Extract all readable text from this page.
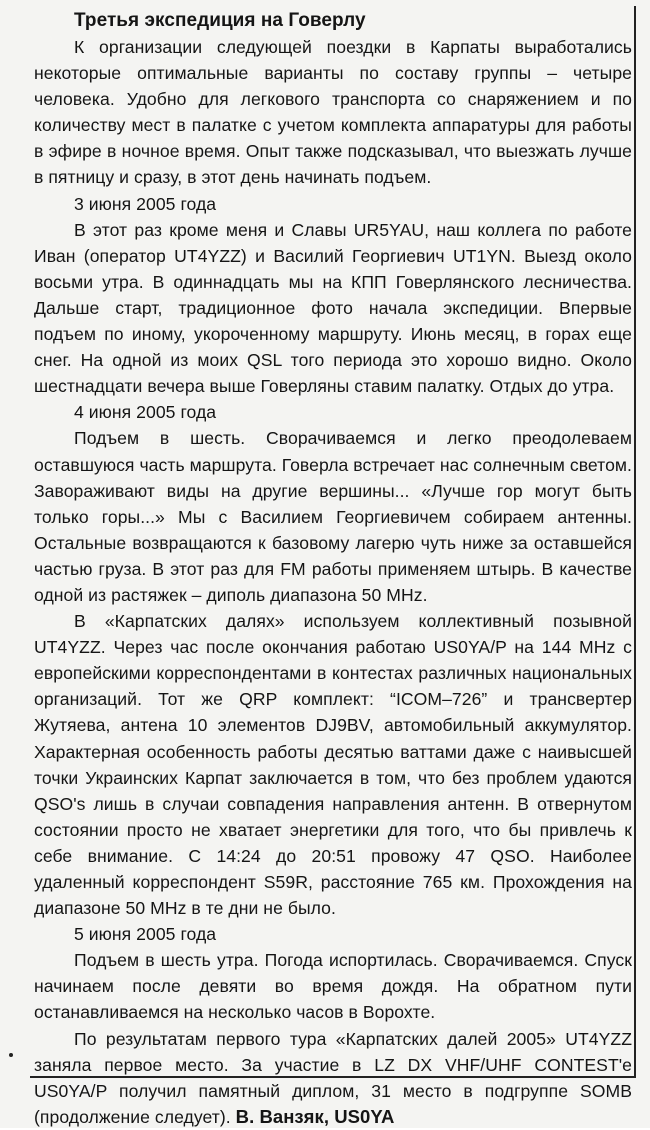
Третья экспедиция на Говерлу

К организации следующей поездки в Карпаты выработались некоторые оптимальные варианты по составу группы – четыре человека. Удобно для легкового транспорта со снаряжением и по количеству мест в палатке с учетом комплекта аппаратуры для работы в эфире в ночное время. Опыт также подсказывал, что выезжать лучше в пятницу и сразу, в этот день начинать подъем.

3 июня 2005 года

В этот раз кроме меня и Славы UR5YAU, наш коллега по работе Иван (оператор UT4YZZ) и Василий Георгиевич UT1YN. Выезд около восьми утра. В одиннадцать мы на КПП Говерлянского лесничества. Дальше старт, традиционное фото начала экспедиции. Впервые подъем по иному, укороченному маршруту. Июнь месяц, в горах еще снег. На одной из моих QSL того периода это хорошо видно. Около шестнадцати вечера выше Говерляны ставим палатку. Отдых до утра.

4 июня 2005 года

Подъем в шесть. Сворачиваемся и легко преодолеваем оставшуюся часть маршрута. Говерла встречает нас солнечным светом. Завораживают виды на другие вершины... «Лучше гор могут быть только горы...» Мы с Василием Георгиевичем собираем антенны. Остальные возвращаются к базовому лагерю чуть ниже за оставшейся частью груза. В этот раз для FM работы применяем штырь. В качестве одной из растяжек – диполь диапазона 50 MHz.

В «Карпатских далях» используем коллективный позывной UT4YZZ. Через час после окончания работаю US0YA/P на 144 MHz с европейскими корреспондентами в контестах различных национальных организаций. Тот же QRP комплект: “ICOM–726” и трансвертер Жутяева, антена 10 элементов DJ9BV, автомобильный аккумулятор. Характерная особенность работы десятью ваттами даже с наивысшей точки Украинских Карпат заключается в том, что без проблем удаются QSO's лишь в случаи совпадения направления антенн. В отвернутом состоянии просто не хватает энергетики для того, что бы привлечь к себе внимание. С 14:24 до 20:51 провожу 47 QSO. Наиболее удаленный корреспондент S59R, расстояние 765 км. Прохождения на диапазоне 50 MHz в те дни не было.

5 июня 2005 года

Подъем в шесть утра. Погода испортилась. Сворачиваемся. Спуск начинаем после девяти во время дождя. На обратном пути останавливаемся на несколько часов в Ворохте.

По результатам первого тура «Карпатских далей 2005» UT4YZZ заняла первое место. За участие в LZ DX VHF/UHF CONTEST'е US0YA/P получил памятный диплом, 31 место в подгруппе SOMB (продолжение следует). В. Ванзяк, US0YA
